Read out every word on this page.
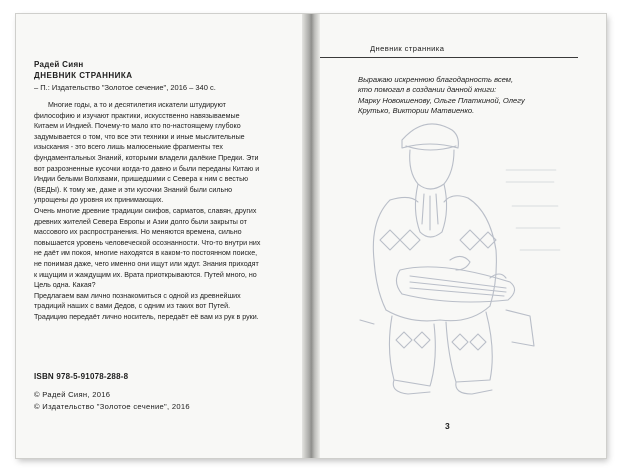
Радей Сиян
ДНЕВНИК СТРАННИКА
– П.: Издательство "Золотое сечение", 2016 – 340 с.

Многие годы, а то и десятилетия искатели штудируют философию и изучают практики, искусственно навязываемые Китаем и Индией. Почему-то мало кто по-настоящему глубоко задумывается о том, что все эти техники и иные мыслительные изыскания - это всего лишь малюсенькие фрагменты тех фундаментальных Знаний, которыми владели далёкие Предки. Эти вот разрозненные кусочки когда-то давно и были переданы Китаю и Индии белыми Волхвами, пришедшими с Севера к ним с вестью (ВЕДЫ). К тому же, даже и эти кусочки Знаний были сильно упрощены до уровня их принимающих.

Очень многие древние традиции скифов, сарматов, славян, других древних жителей Севера Европы и Азии долго были закрыты от массового их распространения. Но меняются времена, сильно повышается уровень человеческой осознанности. Что-то внутри них не даёт им покоя, многие находятся в каком-то постоянном поиске, не понимая даже, чего именно они ищут или ждут. Знания приходят к ищущим и жаждущим их. Врата приоткрываются. Путей много, но Цель одна. Какая?

Предлагаем вам лично познакомиться с одной из древнейших традиций наших с вами Дедов, с одним из таких вот Путей. Традицию передаёт лично носитель, передаёт её вам из рук в руки.

ISBN 978-5-91078-288-8
© Радей Сиян, 2016
© Издательство "Золотое сечение", 2016
Дневник странника
Выражаю искреннюю благодарность всем,
кто помогал в создании данной книги:
Марку Новокшенову, Ольге Платкиной, Олегу
Крутько, Виктории Матвиенко.
3
